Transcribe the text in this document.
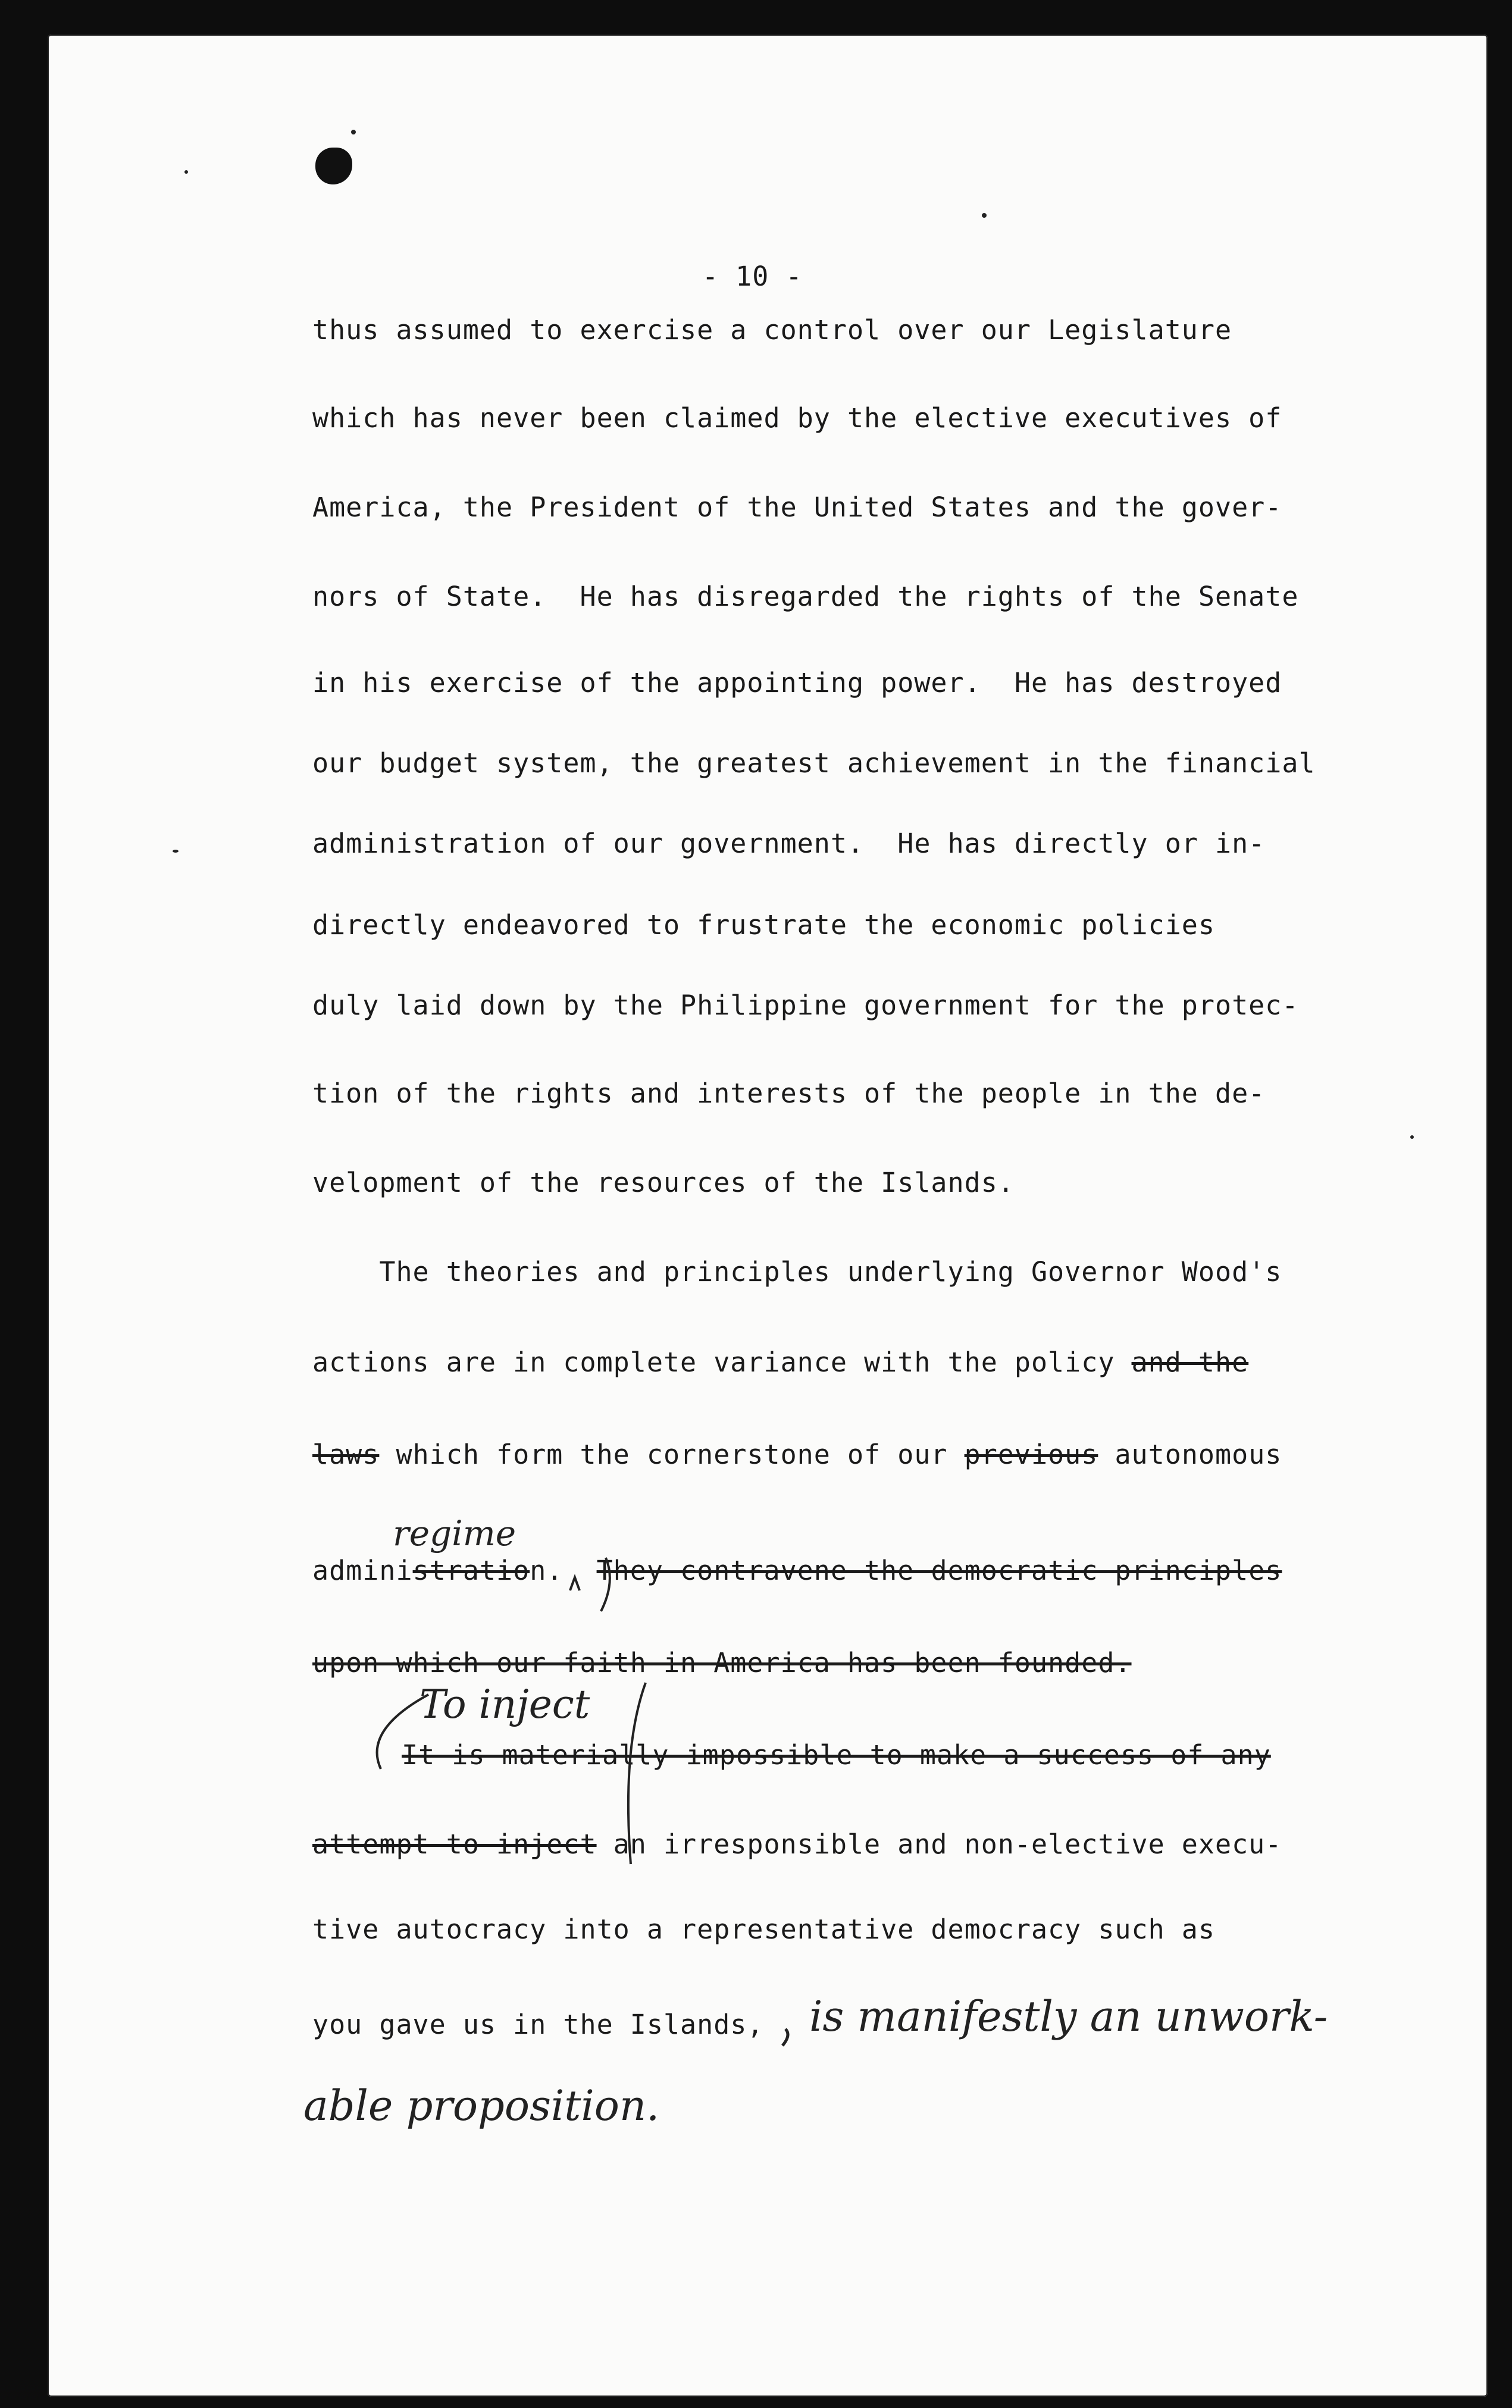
- 10 -
thus assumed to exercise a control over our Legislature
which has never been claimed by the elective executives of
America, the President of the United States and the gover-
nors of State.  He has disregarded the rights of the Senate
in his exercise of the appointing power.  He has destroyed
our budget system, the greatest achievement in the financial
administration of our government.  He has directly or in-
directly endeavored to frustrate the economic policies
duly laid down by the Philippine government for the protec-
tion of the rights and interests of the people in the de-
velopment of the resources of the Islands.
The theories and principles underlying Governor Wood's
actions are in complete variance with the policy and the
laws which form the cornerstone of our previous autonomous
regime
administration. They contravene the democratic principles
upon which our faith in America has been founded.
To inject
It is materially impossible to make a success of any
attempt to inject an irresponsible and non-elective execu-
tive autocracy into a representative democracy such as
you gave us in the Islands, is manifestly an unwork-
able proposition.
